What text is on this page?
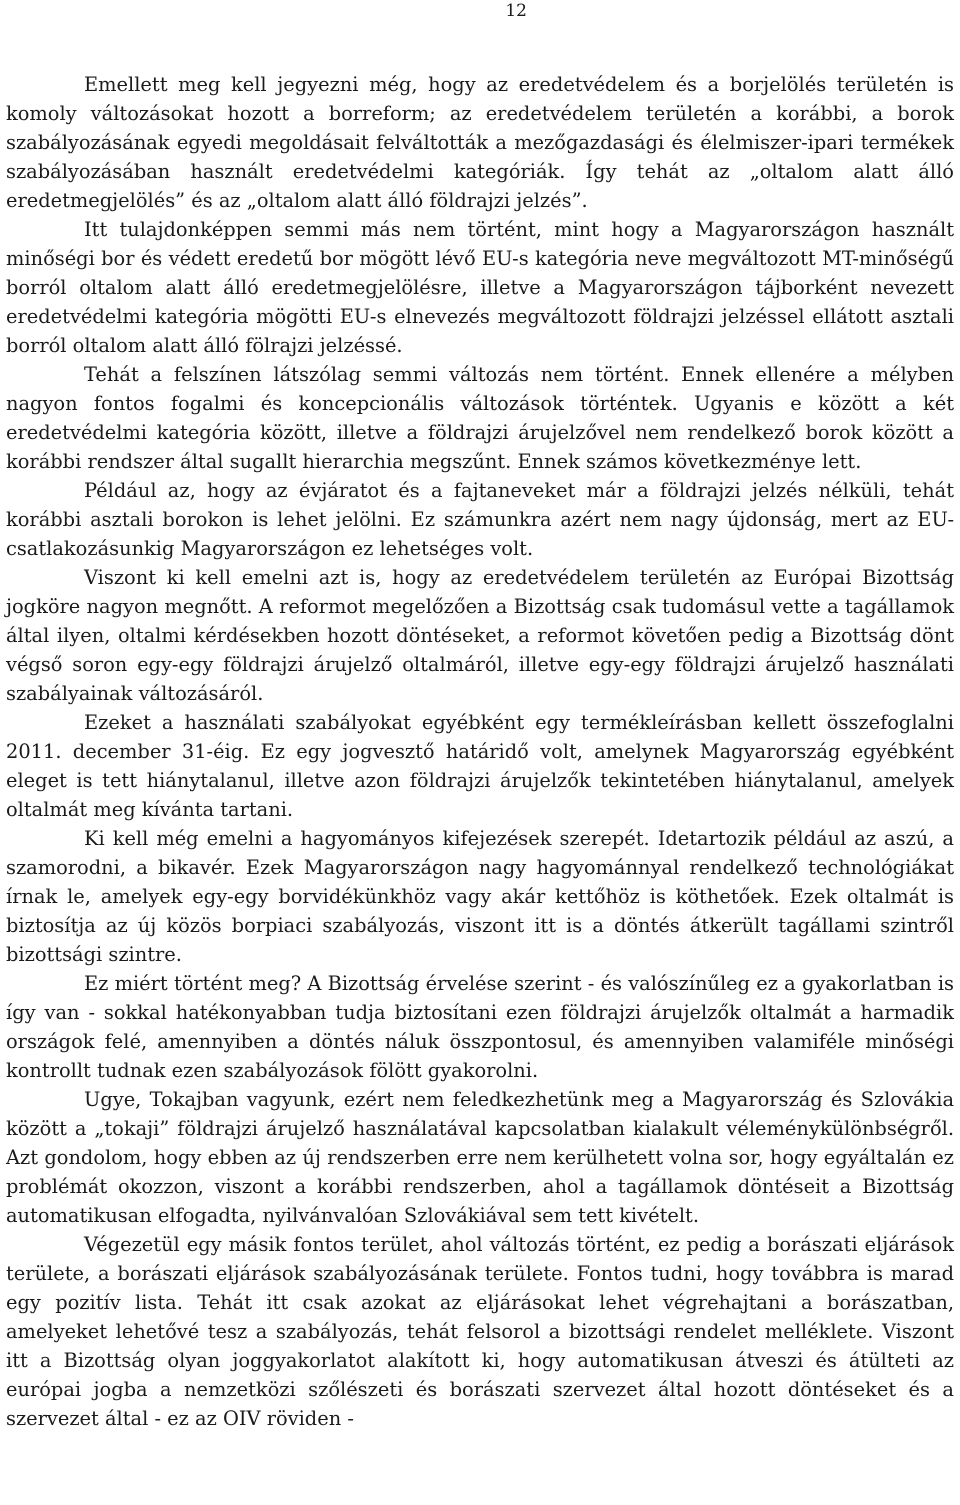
12

Emellett meg kell jegyezni még, hogy az eredetvédelem és a borjelölés területén is komoly változásokat hozott a borreform; az eredetvédelem területén a korábbi, a borok szabályozásának egyedi megoldásait felváltották a mezőgazdasági és élelmiszer-ipari termékek szabályozásában használt eredetvédelmi kategóriák. Így tehát az „oltalom alatt álló eredetmegjelölés” és az „oltalom alatt álló földrajzi jelzés”.

Itt tulajdonképpen semmi más nem történt, mint hogy a Magyarországon használt minőségi bor és védett eredetű bor mögött lévő EU-s kategória neve megváltozott MT-minőségű borról oltalom alatt álló eredetmegjelölésre, illetve a Magyarországon tájborként nevezett eredetvédelmi kategória mögötti EU-s elnevezés megváltozott földrajzi jelzéssel ellátott asztali borról oltalom alatt álló fölrajzi jelzéssé.

Tehát a felszínen látszólag semmi változás nem történt. Ennek ellenére a mélyben nagyon fontos fogalmi és koncepcionális változások történtek. Ugyanis e között a két eredetvédelmi kategória között, illetve a földrajzi árujelzővel nem rendelkező borok között a korábbi rendszer által sugallt hierarchia megszűnt. Ennek számos következménye lett.

Például az, hogy az évjáratot és a fajtaneveket már a földrajzi jelzés nélküli, tehát korábbi asztali borokon is lehet jelölni. Ez számunkra azért nem nagy újdonság, mert az EU-csatlakozásunkig Magyarországon ez lehetséges volt.

Viszont ki kell emelni azt is, hogy az eredetvédelem területén az Európai Bizottság jogköre nagyon megnőtt. A reformot megelőzően a Bizottság csak tudomásul vette a tagállamok által ilyen, oltalmi kérdésekben hozott döntéseket, a reformot követően pedig a Bizottság dönt végső soron egy-egy földrajzi árujelző oltalmáról, illetve egy-egy földrajzi árujelző használati szabályainak változásáról.

Ezeket a használati szabályokat egyébként egy termékleírásban kellett összefoglalni 2011. december 31-éig. Ez egy jogvesztő határidő volt, amelynek Magyarország egyébként eleget is tett hiánytalanul, illetve azon földrajzi árujelzők tekintetében hiánytalanul, amelyek oltalmát meg kívánta tartani.

Ki kell még emelni a hagyományos kifejezések szerepét. Idetartozik például az aszú, a szamorodni, a bikavér. Ezek Magyarországon nagy hagyománnyal rendelkező technológiákat írnak le, amelyek egy-egy borvidékünkhöz vagy akár kettőhöz is köthetőek. Ezek oltalmát is biztosítja az új közös borpiaci szabályozás, viszont itt is a döntés átkerült tagállami szintről bizottsági szintre.

Ez miért történt meg? A Bizottság érvelése szerint - és valószínűleg ez a gyakorlatban is így van - sokkal hatékonyabban tudja biztosítani ezen földrajzi árujelzők oltalmát a harmadik országok felé, amennyiben a döntés náluk összpontosul, és amennyiben valamiféle minőségi kontrollt tudnak ezen szabályozások fölött gyakorolni.

Ugye, Tokajban vagyunk, ezért nem feledkezhetünk meg a Magyarország és Szlovákia között a „tokaji” földrajzi árujelző használatával kapcsolatban kialakult véleménykülönbségről. Azt gondolom, hogy ebben az új rendszerben erre nem kerülhetett volna sor, hogy egyáltalán ez problémát okozzon, viszont a korábbi rendszerben, ahol a tagállamok döntéseit a Bizottság automatikusan elfogadta, nyilvánvalóan Szlovákiával sem tett kivételt.

Végezetül egy másik fontos terület, ahol változás történt, ez pedig a borászati eljárások területe, a borászati eljárások szabályozásának területe. Fontos tudni, hogy továbbra is marad egy pozitív lista. Tehát itt csak azokat az eljárásokat lehet végrehajtani a borászatban, amelyeket lehetővé tesz a szabályozás, tehát felsorol a bizottsági rendelet melléklete. Viszont itt a Bizottság olyan joggyakorlatot alakított ki, hogy automatikusan átveszi és átülteti az európai jogba a nemzetközi szőlészeti és borászati szervezet által hozott döntéseket és a szervezet által - ez az OIV röviden -
